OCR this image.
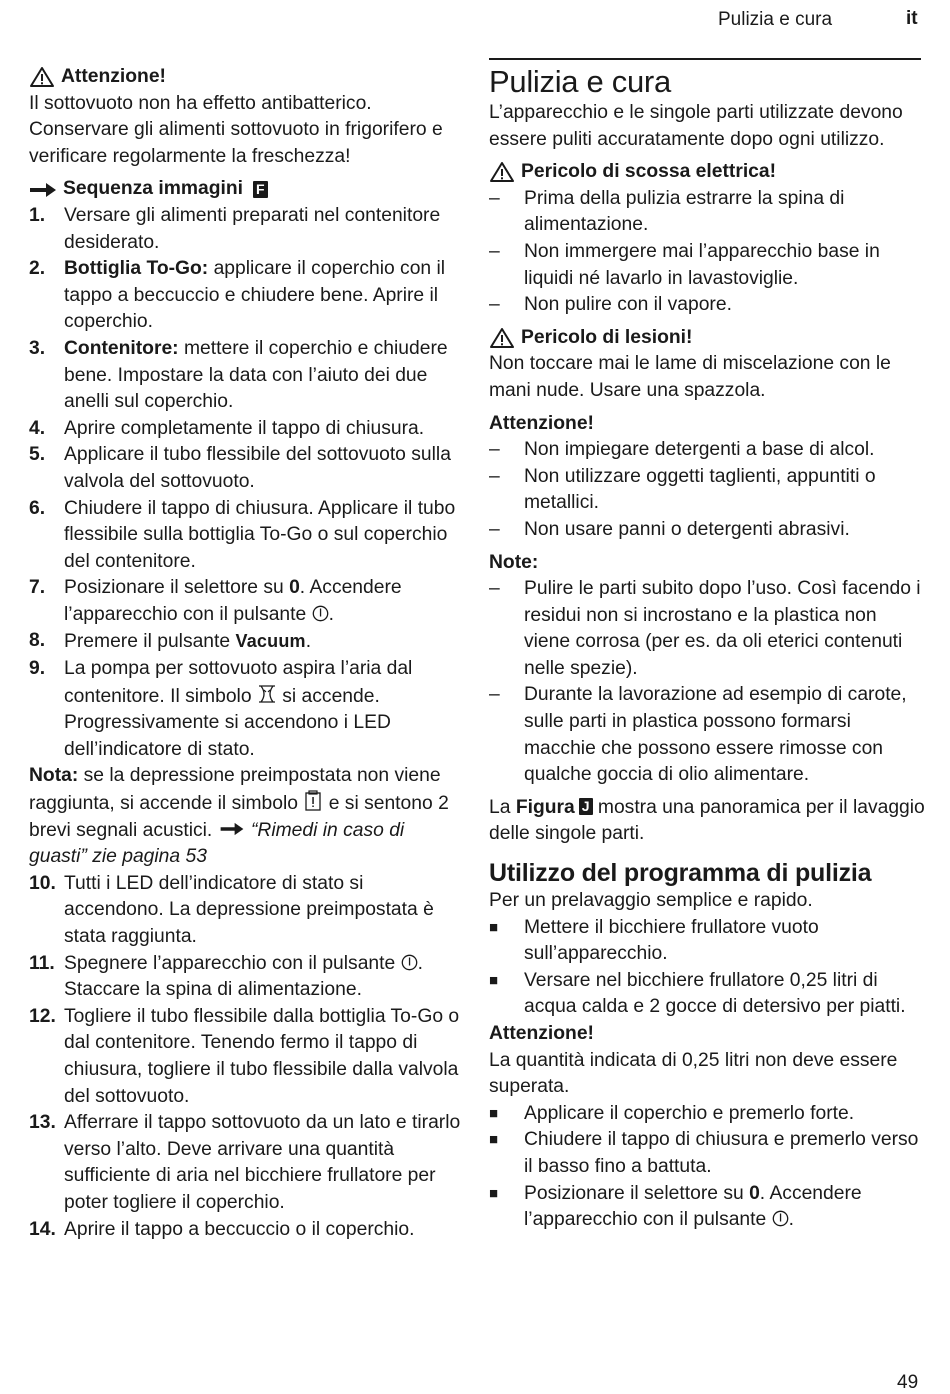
Pulizia e cura	it
Attenzione!

Il sottovuoto non ha effetto antibatterico. Conservare gli alimenti sottovuoto in frigorifero e verificare regolarmente la freschezza!

Sequenza immagini F
1. Versare gli alimenti preparati nel contenitore desiderato.
2. Bottiglia To-Go: applicare il coperchio con il tappo a beccuccio e chiudere bene. Aprire il coperchio.
3. Contenitore: mettere il coperchio e chiudere bene. Impostare la data con l’aiuto dei due anelli sul coperchio.
4. Aprire completamente il tappo di chiusura.
5. Applicare il tubo flessibile del sottovuoto sulla valvola del sottovuoto.
6. Chiudere il tappo di chiusura. Applicare il tubo flessibile sulla bottiglia To-Go o sul coperchio del contenitore.
7. Posizionare il selettore su 0. Accendere l’apparecchio con il pulsante .
8. Premere il pulsante Vacuum.
9. La pompa per sottovuoto aspira l’aria dal contenitore. Il simbolo  si accende. Progressivamente si accendono i LED dell’indicatore di stato.

Nota: se la depressione preimpostata non viene raggiunta, si accende il simbolo  e si sentono 2 brevi segnali acustici.  “Rimedi in caso di guasti” zie pagina 53

10. Tutti i LED dell’indicatore di stato si accendono. La depressione preimpostata è stata raggiunta.
11. Spegnere l’apparecchio con il pulsante . Staccare la spina di alimentazione.
12. Togliere il tubo flessibile dalla bottiglia To-Go o dal contenitore. Tenendo fermo il tappo di chiusura, togliere il tubo flessibile dalla valvola del sottovuoto.
13. Afferrare il tappo sottovuoto da un lato e tirarlo verso l’alto. Deve arrivare una quantità sufficiente di aria nel bicchiere frullatore per poter togliere il coperchio.
14. Aprire il tappo a beccuccio o il coperchio.
Pulizia e cura

L’apparecchio e le singole parti utilizzate devono essere puliti accuratamente dopo ogni utilizzo.

Pericolo di scossa elettrica!
–	Prima della pulizia estrarre la spina di alimentazione.
–	Non immergere mai l’apparecchio base in liquidi né lavarlo in lavastoviglie.
–	Non pulire con il vapore.
Pericolo di lesioni!

Non toccare mai le lame di miscelazione con le mani nude. Usare una spazzola.

Attenzione!

–	Non impiegare detergenti a base di alcol.
–	Non utilizzare oggetti taglienti, appuntiti o metallici.
–	Non usare panni o detergenti abrasivi.

Note:

–	Pulire le parti subito dopo l’uso. Così facendo i residui non si incrostano e la plastica non viene corrosa (per es. da oli eterici contenuti nelle spezie).
–	Durante la lavorazione ad esempio di carote, sulle parti in plastica possono formarsi macchie che possono essere rimosse con qualche goccia di olio alimentare.

La Figura J mostra una panoramica per il lavaggio delle singole parti.

Utilizzo del programma di pulizia

Per un prelavaggio semplice e rapido.

■	Mettere il bicchiere frullatore vuoto sull’apparecchio.
■	Versare nel bicchiere frullatore 0,25 litri di acqua calda e 2 gocce di detersivo per piatti.

Attenzione!

La quantità indicata di 0,25 litri non deve essere superata.

■	Applicare il coperchio e premerlo forte.
■	Chiudere il tappo di chiusura e premerlo verso il basso fino a battuta.
■	Posizionare il selettore su 0. Accendere l’apparecchio con il pulsante .
49
